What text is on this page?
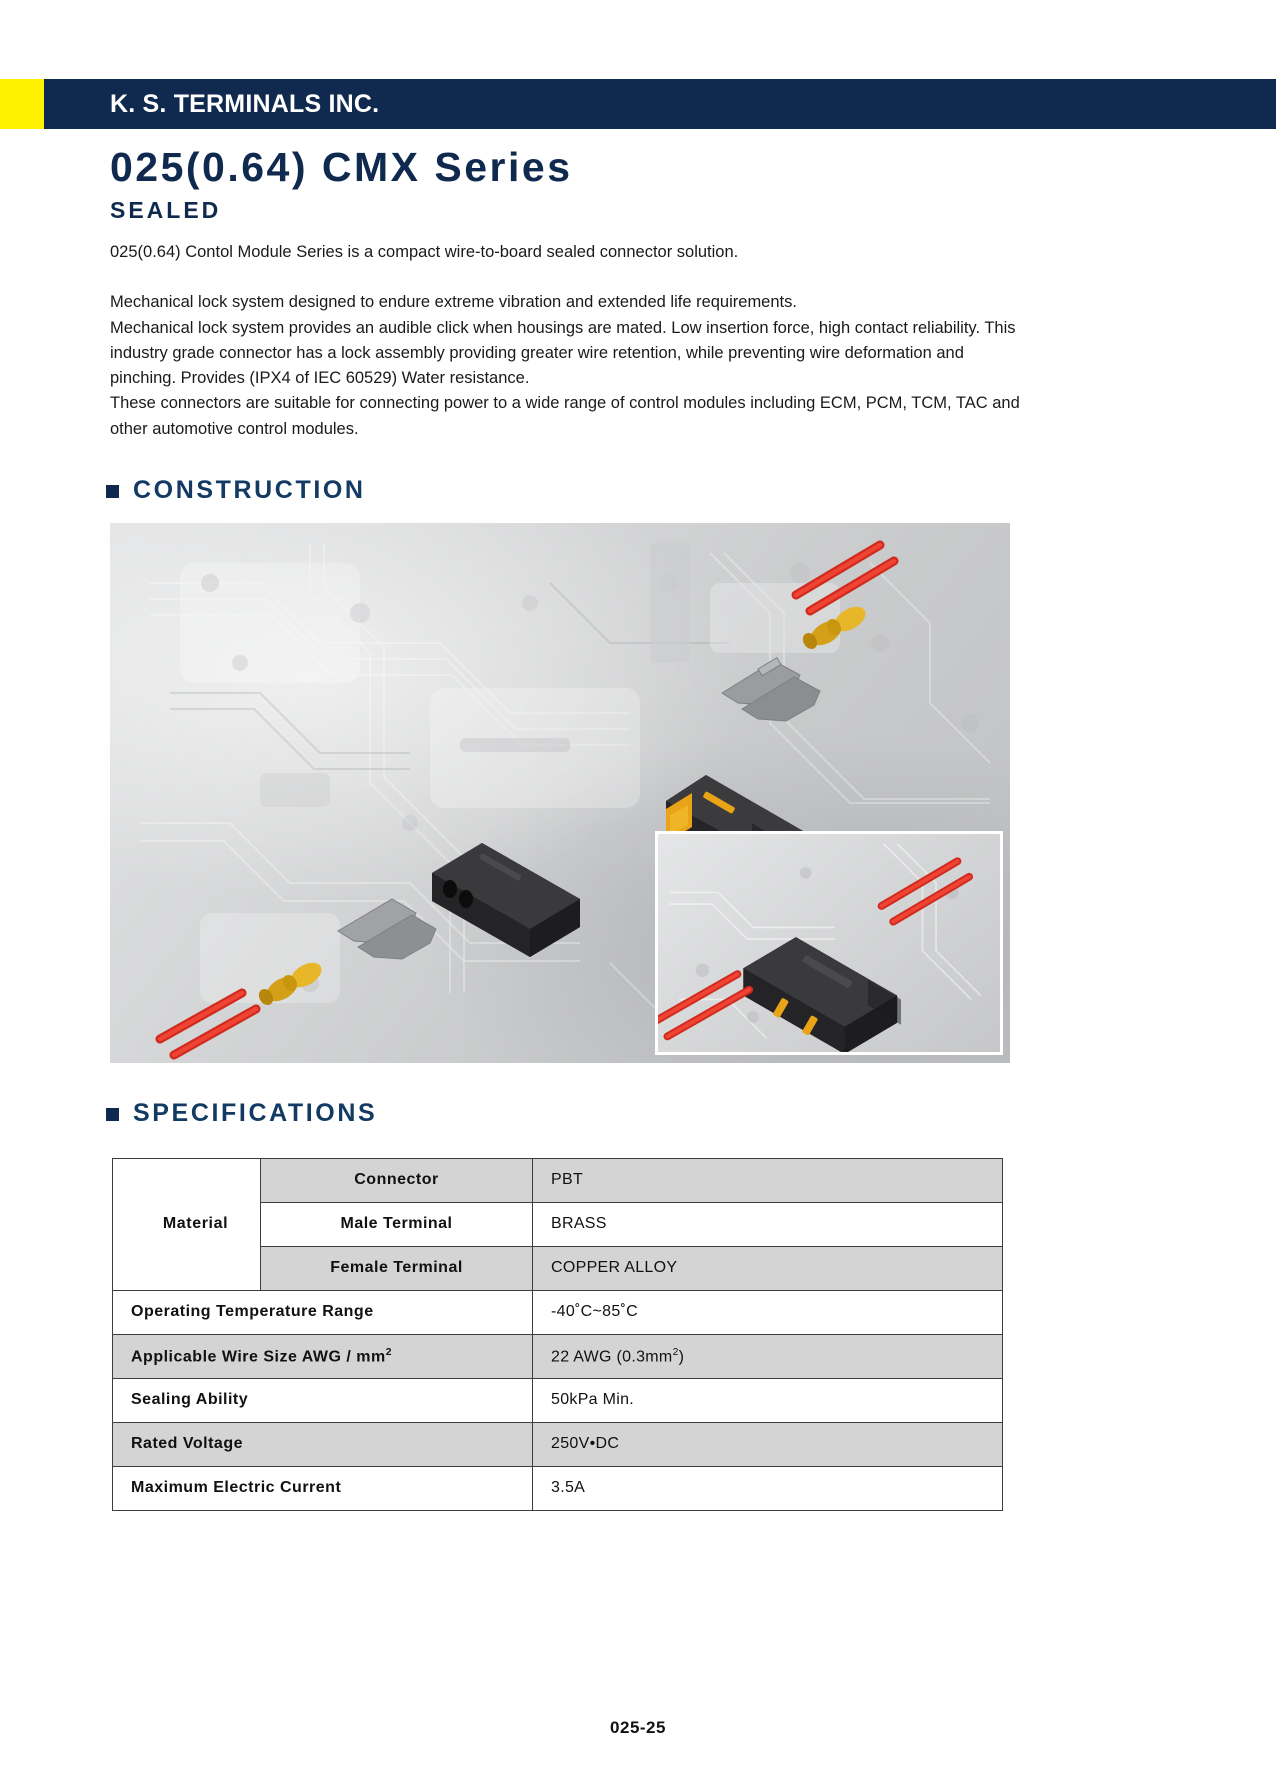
K. S. TERMINALS INC.
025(0.64) CMX Series
SEALED
025(0.64) Contol Module Series is a compact wire-to-board sealed connector solution.

Mechanical lock system designed to endure extreme vibration and extended life requirements.

Mechanical lock system provides an audible click when housings are mated. Low insertion force, high contact reliability. This industry grade connector has a lock assembly providing greater wire retention, while preventing wire deformation and pinching. Provides (IPX4 of IEC 60529) Water resistance.

These connectors are suitable for connecting power to a wide range of control modules including ECM, PCM, TCM, TAC and other automotive control modules.

CONSTRUCTION
SPECIFICATIONS
Material	Connector	PBT
	Male Terminal	BRASS
	Female Terminal	COPPER ALLOY
Operating Temperature Range		-40˚C~85˚C
Applicable Wire Size AWG / $mm^2$		22 AWG $(0.3mm^2)$
Sealing Ability		50kPa Min.
Rated Voltage		250V•DC
Maximum Electric Current		3.5A
025-25
